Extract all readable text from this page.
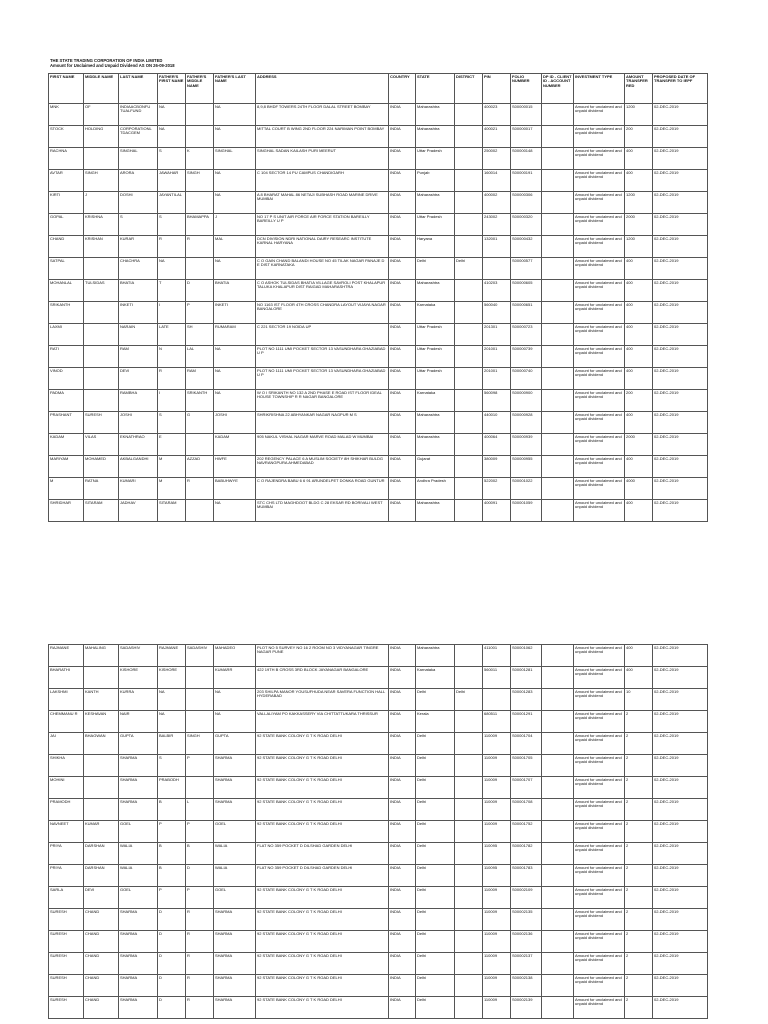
THE STATE TRADING CORPORATION OF INDIA LIMITED
Amount for Unclaimed and Unpaid Dividend AS ON 26-09-2018
FIRST NAME	MIDDLE NAME	LAST NAME	FATHER'S FIRST NAME	FATHER'S MIDDLE NAME	FATHER'S LAST NAME	ADDRESS	COUNTRY	STATE	DISTRICT	PIN	FOLIO NUMBER	DP ID - CLIENT ID - ACCOUNT NUMBER	INVESTMENT TYPE	AMOUNT TRANSFER RED	PROPOSED DATE OF TRANSFER TO IEPF
MNK	OF	INDIAACBONFU TUALFUND	NA		NA	8,9,8 BHDF TOWERS 24TH FLOOR DALAL STREET BOMBAY	INDIA	Maharashtra		400023	S00000015		Amount for unclaimed and unpaid dividend	1200	02-DEC-2019
STOCK	HOLDING	CORPORATIONL TDACGEM	NA		NA	MITTAL COURT B WING 2ND FLOOR 224 NARIMAN POINT BOMBAY	INDIA	Maharashtra		400021	S00000017		Amount for unclaimed and unpaid dividend	200	02-DEC-2019
RACHNA		SINGHAL	S	K	SINGHAL	SINGHAL SADAN KAILASH PURI MEERUT	INDIA	Uttar Pradesh		250002	S00000148		Amount for unclaimed and unpaid dividend	400	02-DEC-2019
AVTAR	SINGH	ARORA	JAWAHAR	SINGH	NA	C 104 SECTOR 14 PU CAMPUS CHANDIGARH	INDIA	Punjab		160014	S00000191		Amount for unclaimed and unpaid dividend	400	02-DEC-2019
KIRTI	J	DOSHI	JAYANTILAL		NA	A 8 BHARAT MAHAL 86 NETAJI SUBHASH ROAD MARINE DRIVE MUMBAI	INDIA	Maharashtra		400002	S00000306		Amount for unclaimed and unpaid dividend	1200	02-DEC-2019
GOPAL	KRISHNA	S	S	BHAMAPPA	J	NO 17 P S UNIT AIR FORCE AIR FORCE STATION BAREILLY BAREILLY U P	INDIA	Uttar Pradesh		243002	S00000320		Amount for unclaimed and unpaid dividend	2000	02-DEC-2019
CHAND	KRISHAN	KURAR	R	R	MAL	DCN DIVISION NDRI NATIONAL DAIRY RESEARC INSTITUTE KARNAL HARYANA	INDIA	Haryana		132001	S00000432		Amount for unclaimed and unpaid dividend	1200	02-DEC-2019
SATPAL		CHACHRA	NA		NA	C O GAIN CHAND BALANDI HOUSE NO 45 TILAK NAGAR PANAJE D E DIST KARNATAKA	INDIA	Delhi	Delhi		S00000577		Amount for unclaimed and unpaid dividend	400	02-DEC-2019
MOHANLAL	TULSIDAS	BHATIA	T	D	BHATIA	C O ASHOK TULSIDAS BHATIA VILLAGE SAVROLI POST KHALAPUR TALUKA KHALAPUR DIST RAIGAD MAHARASHTRA	INDIA	Maharashtra		410203	S00000605		Amount for unclaimed and unpaid dividend	400	02-DEC-2019
SRIKANTH		INKETI	I	P	INKETI	NO 1163 IST FLOOR 4TH CROSS CHANDRA LAYOUT VIJAYA NAGAR BANGALORE	INDIA	Karnataka		560040	S00000651		Amount for unclaimed and unpaid dividend	400	02-DEC-2019
LAXMI		NARAIN	LATE	SH	RUMARAM	C 221 SECTOR 19 NOIDA UP	INDIA	Uttar Pradesh		201301	S00000723		Amount for unclaimed and unpaid dividend	400	02-DEC-2019
RATI		RAM	N	LAL	NA	PLOT NO 1111 UMI POCKET SECTOR 13 VASUNDHARA GHAZIABAD U P	INDIA	Uttar Pradesh		201001	S00000739		Amount for unclaimed and unpaid dividend	400	02-DEC-2019
VINOD		DEVI	R	RAM	NA	PLOT NO 1111 UMI POCKET SECTOR 13 VASUNDHARA GHAZIABAD U P	INDIA	Uttar Pradesh		201001	S00000740		Amount for unclaimed and unpaid dividend	400	02-DEC-2019
PADMA		RAMBHA	I	SRIKANTH	NA	W O I SRIKANTH NO 132 A 2ND PHASE E ROAD IST FLOOR IDEAL HOUSE TOWNSHIP R R NAGAR BANGALORE	INDIA	Karnataka		560098	S00000900		Amount for unclaimed and unpaid dividend	200	02-DEC-2019
PRASHANT	SURESH	JOSHI	S	G	JOSHI	SHRIKRISHNA 22 ABHYANKAR NAGAR NAGPUR M S	INDIA	Maharashtra		440010	S00000928		Amount for unclaimed and unpaid dividend	400	02-DEC-2019
KADAM	VILAS	EKNATHRAO	E		KADAM	905 NAKUL VISHAL NAGAR MARVE ROAD MALAD W MUMBAI	INDIA	Maharashtra		400064	S00000939		Amount for unclaimed and unpaid dividend	2000	02-DEC-2019
MARIYAM	MOHAMED	AKBALGANDHI	M	AZZAD	HWFE	202 REGENCY PALACE 6 A MUSLIM SOCIETY 8H SHIKHAR BULDG NAVRANGPURA AHMEDABAD	INDIA	Gujarat		380009	S00000955		Amount for unclaimed and unpaid dividend	400	02-DEC-2019
M	RATNA	KUMARI	M	R	BABUHWYE	C O RAJENDRA BABU 6 6 91 ARUNDELPET DONKA ROAD GUNTUR	INDIA	Andhra Pradesh		522002	S00001022		Amount for unclaimed and unpaid dividend	4000	02-DEC-2019
SHRIDHAR	SITARAM	JADHAV	SITARAM		NA	STC CHS LTD MAGHDOOT BLDG C 28 EKSAR RD BORIVALI WEST MUMBAI	INDIA	Maharashtra		400091	S00001059		Amount for unclaimed and unpaid dividend	400	02-DEC-2019
RAJMANE	MAHALING	SADASHIV	RAJMANE	SADASHIV	MAHADEO	PLOT NO 5 SURVEY NO 16 2 ROOM NO 3 VIDYANAGAR TINGRE NAGAR PUNE	INDIA	Maharashtra		411001	S00001062		Amount for unclaimed and unpaid dividend	400	02-DEC-2019
BHARATHI		KISHORE	KISHORE		KUMARR	422 19TH B CROSS 3RD BLOCK JAYANAGAR BANGALORE	INDIA	Karnataka		560011	S00001281		Amount for unclaimed and unpaid dividend	400	02-DEC-2019
LAKSHMI	KANTH	KURRA	NA		NA	203 SHILPA MANOR YOUSUFHUDA NEAR SAVERA FUNCTION HALL HYDERABAD	INDIA	Delhi	Delhi		S00001283		Amount for unclaimed and unpaid dividend	10	02-DEC-2019
CHEMMANU R	KESHAVAN	NAIR	NA		NA	VALLALIYAM PO KAKKASSERY VIA CHITTATTUKARA THRISSUR	INDIA	Kerala		680511	S00001291		Amount for unclaimed and unpaid dividend	2	02-DEC-2019
JAI	BHAGWAN	GUPTA	BALBIR	SINGH	GUPTA	92 STATE BANK COLONY G T K ROAD DELHI	INDIA	Delhi		110009	S00001704		Amount for unclaimed and unpaid dividend	2	02-DEC-2019
SHIKHA		SHARMA	S	P	SHARMA	92 STATE BANK COLONY G T K ROAD DELHI	INDIA	Delhi		110009	S00001705		Amount for unclaimed and unpaid dividend	2	02-DEC-2019
MOHINI		SHARMA	PRABODH		SHARMA	92 STATE BANK COLONY G T K ROAD DELHI	INDIA	Delhi		110009	S00001707		Amount for unclaimed and unpaid dividend	2	02-DEC-2019
PRAMODH		SHARMA	B	L	SHARMA	92 STATE BANK COLONY G T K ROAD DELHI	INDIA	Delhi		110009	S00001708		Amount for unclaimed and unpaid dividend	2	02-DEC-2019
NAVNEET	KUMAR	GOEL	P	P	GOEL	92 STATE BANK COLONY G T K ROAD DELHI	INDIA	Delhi		110009	S00001752		Amount for unclaimed and unpaid dividend	2	02-DEC-2019
PRIYA	DARSHAN	WALIA	B	B	WALIA	FLAT NO 359 POCKET D DILSHAD GARDEN DELHI	INDIA	Delhi		110095	S00001782		Amount for unclaimed and unpaid dividend	2	02-DEC-2019
PRIYA	DARSHAN	WALIA	B	D	WALIA	FLAT NO 359 POCKET D DILSHAD GARDEN DELHI	INDIA	Delhi		110095	S00001783		Amount for unclaimed and unpaid dividend	2	02-DEC-2019
SARLA	DEVI	GOEL	P	P	GOEL	92 STATE BANK COLONY G T K ROAD DELHI	INDIA	Delhi		110009	S00002109		Amount for unclaimed and unpaid dividend	2	02-DEC-2019
SURESH	CHAND	SHARMA	D	R	SHARMA	92 STATE BANK COLONY G T K ROAD DELHI	INDIA	Delhi		110009	S00002135		Amount for unclaimed and unpaid dividend	2	02-DEC-2019
SURESH	CHAND	SHARMA	D	R	SHARMA	92 STATE BANK COLONY G T K ROAD DELHI	INDIA	Delhi		110009	S00002136		Amount for unclaimed and unpaid dividend	2	02-DEC-2019
SURESH	CHAND	SHARMA	D	R	SHARMA	92 STATE BANK COLONY G T K ROAD DELHI	INDIA	Delhi		110009	S00002137		Amount for unclaimed and unpaid dividend	2	02-DEC-2019
SURESH	CHAND	SHARMA	D	R	SHARMA	92 STATE BANK COLONY G T K ROAD DELHI	INDIA	Delhi		110009	S00002138		Amount for unclaimed and unpaid dividend	2	02-DEC-2019
SURESH	CHAND	SHARMA	D	R	SHARMA	92 STATE BANK COLONY G T K ROAD DELHI	INDIA	Delhi		110009	S00002139		Amount for unclaimed and unpaid dividend	2	02-DEC-2019
